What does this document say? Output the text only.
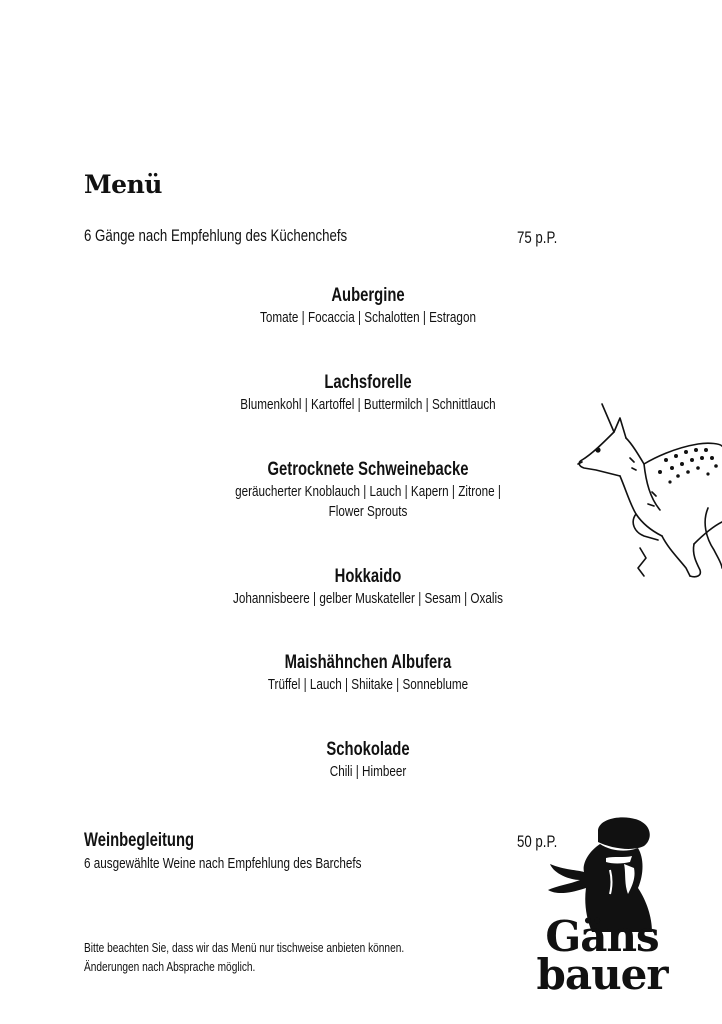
Menü
6 Gänge nach Empfehlung des Küchenchefs	75 p.P.
Aubergine
Tomate | Focaccia | Schalotten | Estragon
Lachsforelle
Blumenkohl | Kartoffel | Buttermilch | Schnittlauch
Getrocknete Schweinebacke
geräucherter Knoblauch | Lauch | Kapern | Zitrone |
Flower Sprouts
Hokkaido
Johannisbeere | gelber Muskateller | Sesam | Oxalis
Maishähnchen Albufera
Trüffel | Lauch | Shiitake | Sonneblume
Schokolade
Chili | Himbeer
Weinbegleitung
6 ausgewählte Weine nach Empfehlung des Barchefs
50 p.P.
Bitte beachten Sie, dass wir das Menü nur tischweise anbieten können.
Änderungen nach Absprache möglich.
Gäns
bauer
